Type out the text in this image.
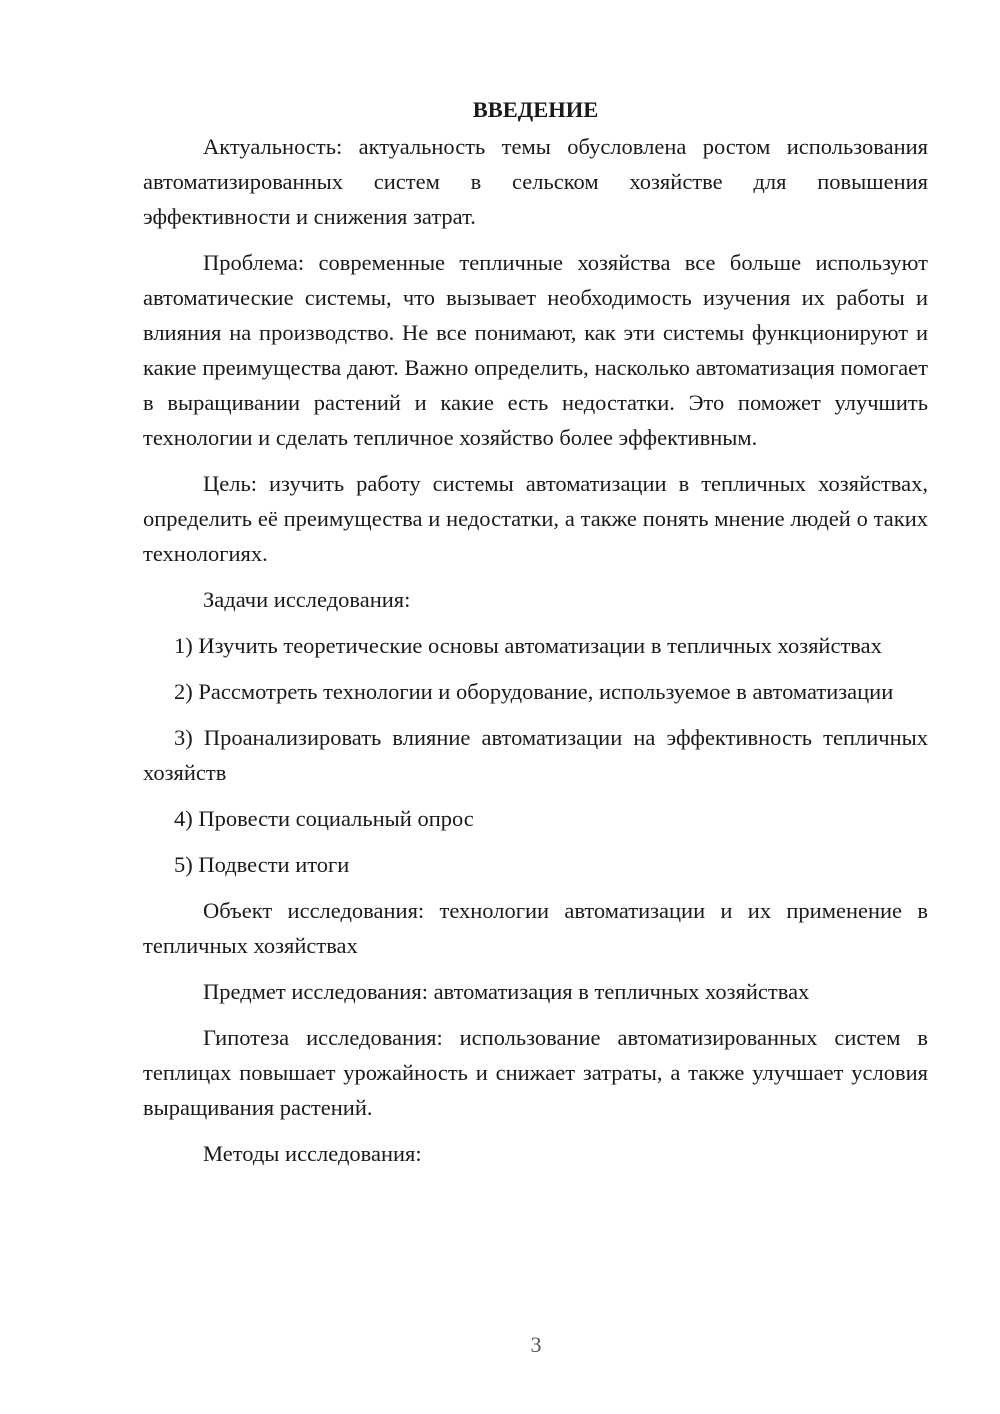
ВВЕДЕНИЕ

Актуальность: актуальность темы обусловлена ростом использования автоматизированных систем в сельском хозяйстве для повышения эффективности и снижения затрат.

Проблема: современные тепличные хозяйства все больше используют автоматические системы, что вызывает необходимость изучения их работы и влияния на производство. Не все понимают, как эти системы функционируют и какие преимущества дают. Важно определить, насколько автоматизация помогает в выращивании растений и какие есть недостатки. Это поможет улучшить технологии и сделать тепличное хозяйство более эффективным.

Цель: изучить работу системы автоматизации в тепличных хозяйствах, определить её преимущества и недостатки, а также понять мнение людей о таких технологиях.

Задачи исследования:

1) Изучить теоретические основы автоматизации в тепличных хозяйствах

2) Рассмотреть технологии и оборудование, используемое в автоматизации

3) Проанализировать влияние автоматизации на эффективность тепличных хозяйств

4) Провести социальный опрос

5) Подвести итоги

Объект исследования: технологии автоматизации и их применение в тепличных хозяйствах

Предмет исследования: автоматизация в тепличных хозяйствах

Гипотеза исследования: использование автоматизированных систем в теплицах повышает урожайность и снижает затраты, а также улучшает условия выращивания растений.

Методы исследования:

3
